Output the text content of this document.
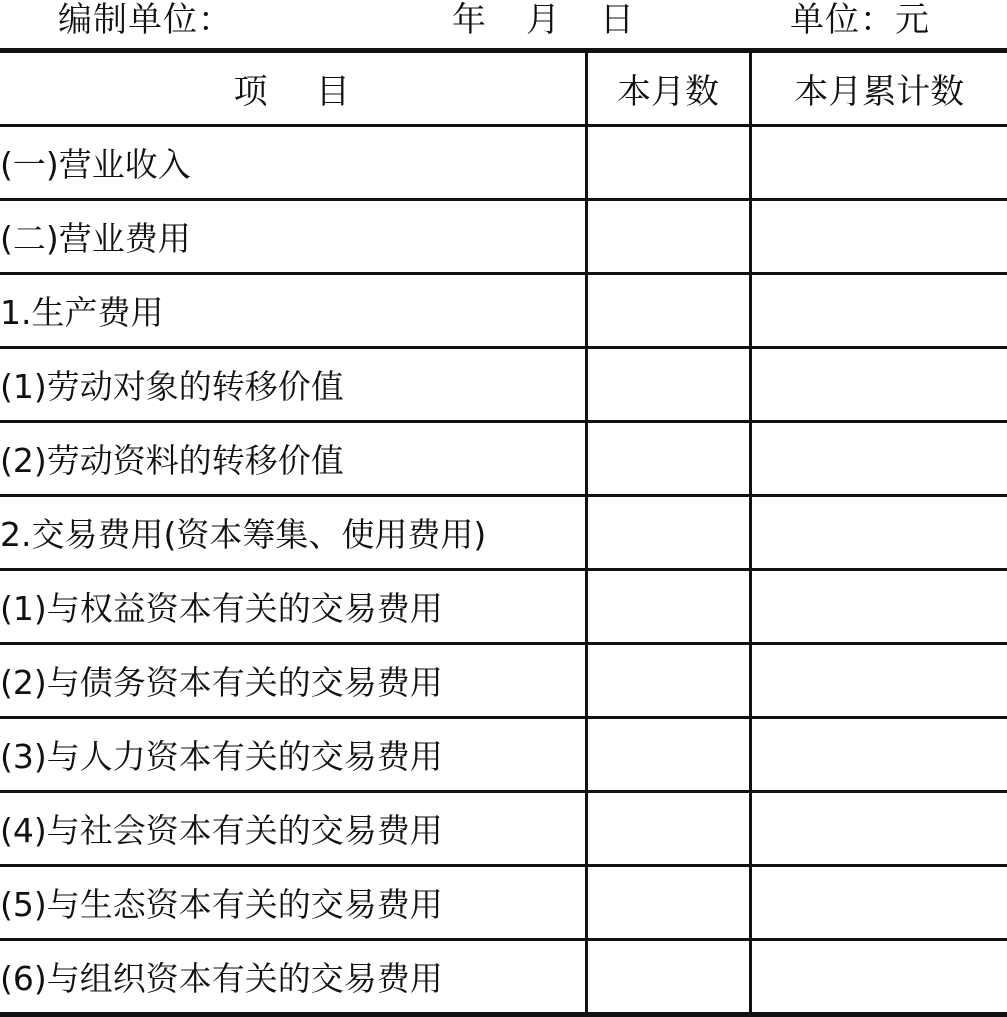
编制单位：	年 月 日	单位：元
项    目	本月数	本月累计数
(一)营业收入		
(二)营业费用		
1.生产费用		
(1)劳动对象的转移价值		
(2)劳动资料的转移价值		
2.交易费用(资本筹集、使用费用)		
(1)与权益资本有关的交易费用		
(2)与债务资本有关的交易费用		
(3)与人力资本有关的交易费用		
(4)与社会资本有关的交易费用		
(5)与生态资本有关的交易费用		
(6)与组织资本有关的交易费用		
